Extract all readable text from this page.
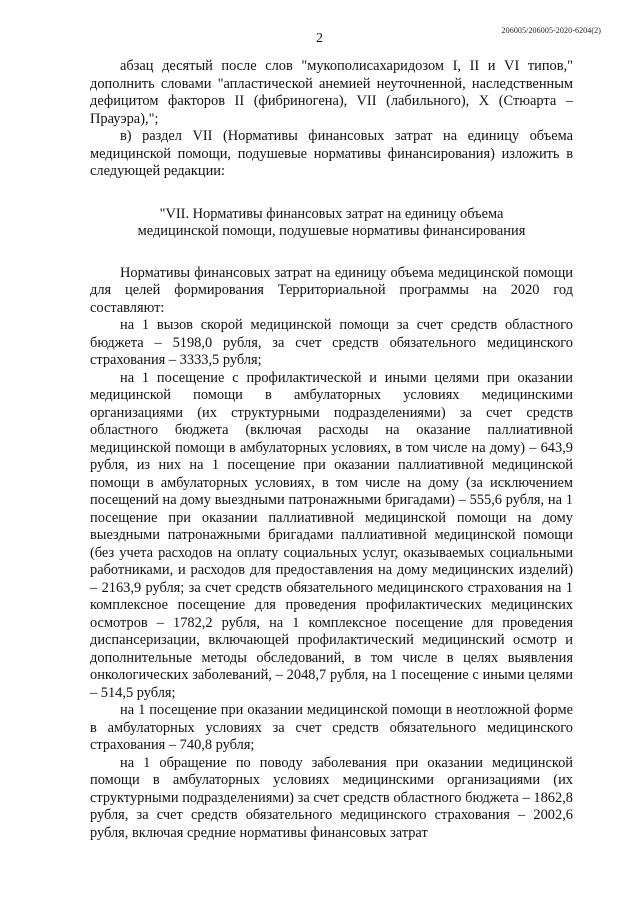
206005/206005-2020-6204(2)
2

абзац десятый после слов "мукополисахаридозом I, II и VI типов," дополнить словами "апластической анемией неуточненной, наследственным дефицитом факторов II (фибриногена), VII (лабильного), X (Стюарта – Прауэра),";

в) раздел VII (Нормативы финансовых затрат на единицу объема медицинской помощи, подушевые нормативы финансирования) изложить в следующей редакции:

"VII. Нормативы финансовых затрат на единицу объема
медицинской помощи, подушевые нормативы финансирования

Нормативы финансовых затрат на единицу объема медицинской помощи для целей формирования Территориальной программы на 2020 год составляют:

на 1 вызов скорой медицинской помощи за счет средств областного бюджета – 5198,0 рубля, за счет средств обязательного медицинского страхования – 3333,5 рубля;

на 1 посещение с профилактической и иными целями при оказании медицинской помощи в амбулаторных условиях медицинскими организациями (их структурными подразделениями) за счет средств областного бюджета (включая расходы на оказание паллиативной медицинской помощи в амбулаторных условиях, в том числе на дому) – 643,9 рубля, из них на 1 посещение при оказании паллиативной медицинской помощи в амбулаторных условиях, в том числе на дому (за исключением посещений на дому выездными патронажными бригадами) – 555,6 рубля, на 1 посещение при оказании паллиативной медицинской помощи на дому выездными патронажными бригадами паллиативной медицинской помощи (без учета расходов на оплату социальных услуг, оказываемых социальными работниками, и расходов для предоставления на дому медицинских изделий) – 2163,9 рубля; за счет средств обязательного медицинского страхования на 1 комплексное посещение для проведения профилактических медицинских осмотров – 1782,2 рубля, на 1 комплексное посещение для проведения диспансеризации, включающей профилактический медицинский осмотр и дополнительные методы обследований, в том числе в целях выявления онкологических заболеваний, – 2048,7 рубля, на 1 посещение с иными целями – 514,5 рубля;

на 1 посещение при оказании медицинской помощи в неотложной форме в амбулаторных условиях за счет средств обязательного медицинского страхования – 740,8 рубля;

на 1 обращение по поводу заболевания при оказании медицинской помощи в амбулаторных условиях медицинскими организациями (их структурными подразделениями) за счет средств областного бюджета – 1862,8 рубля, за счет средств обязательного медицинского страхования – 2002,6 рубля, включая средние нормативы финансовых затрат
